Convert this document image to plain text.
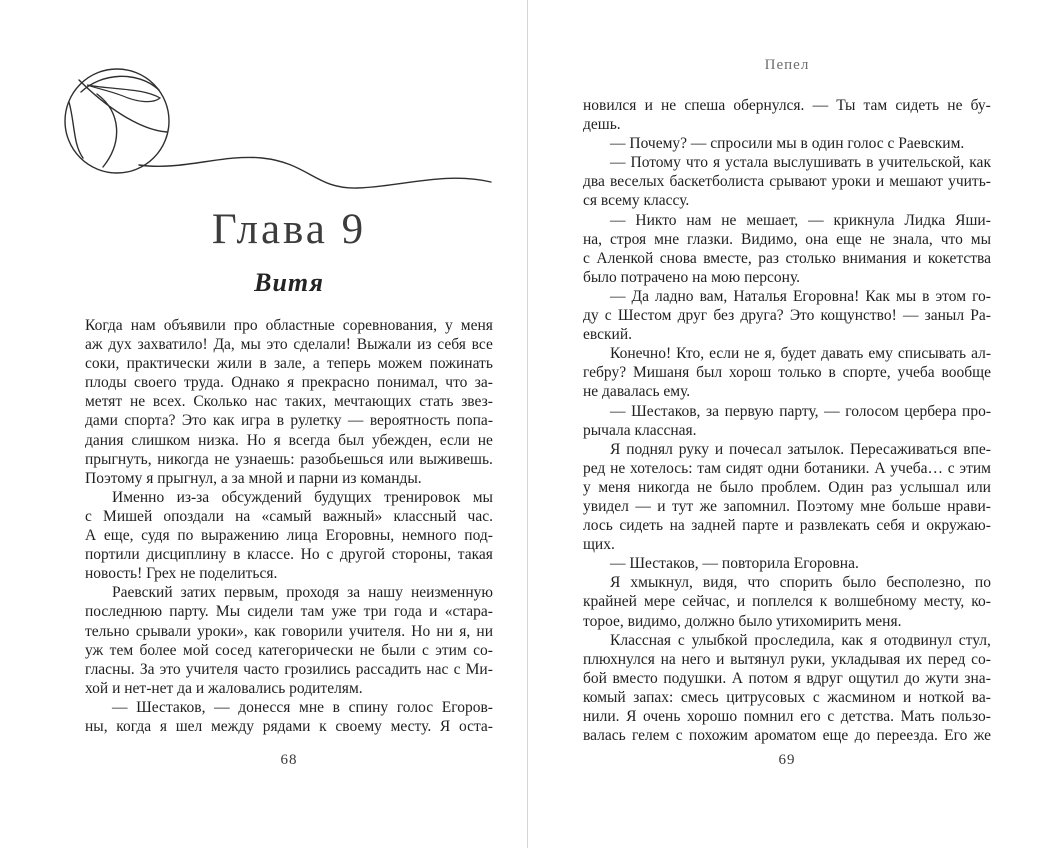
Глава 9
Витя
Когда нам объявили про областные соревнования, у меня
аж дух захватило! Да, мы это сделали! Выжали из себя все
соки, практически жили в зале, а теперь можем пожинать
плоды своего труда. Однако я прекрасно понимал, что за-
метят не всех. Сколько нас таких, мечтающих стать звез-
дами спорта? Это как игра в рулетку — вероятность попа-
дания слишком низка. Но я всегда был убежден, если не
прыгнуть, никогда не узнаешь: разобьешься или выживешь.
Поэтому я прыгнул, а за мной и парни из команды.
Именно из-за обсуждений будущих тренировок мы
с Мишей опоздали на «самый важный» классный час.
А еще, судя по выражению лица Егоровны, немного под-
портили дисциплину в классе. Но с другой стороны, такая
новость! Грех не поделиться.
Раевский затих первым, проходя за нашу неизменную
последнюю парту. Мы сидели там уже три года и «стара-
тельно срывали уроки», как говорили учителя. Но ни я, ни
уж тем более мой сосед категорически не были с этим со-
гласны. За это учителя часто грозились рассадить нас с Ми-
хой и нет-нет да и жаловались родителям.
— Шестаков, — донесся мне в спину голос Егоров-
ны, когда я шел между рядами к своему месту. Я оста-
68
Пепел
новился и не спеша обернулся. — Ты там сидеть не бу-
дешь.
— Почему? — спросили мы в один голос с Раевским.
— Потому что я устала выслушивать в учительской, как
два веселых баскетболиста срывают уроки и мешают учить-
ся всему классу.
— Никто нам не мешает, — крикнула Лидка Яши-
на, строя мне глазки. Видимо, она еще не знала, что мы
с Аленкой снова вместе, раз столько внимания и кокетства
было потрачено на мою персону.
— Да ладно вам, Наталья Егоровна! Как мы в этом го-
ду с Шестом друг без друга? Это кощунство! — заныл Ра-
евский.
Конечно! Кто, если не я, будет давать ему списывать ал-
гебру? Мишаня был хорош только в спорте, учеба вообще
не давалась ему.
— Шестаков, за первую парту, — голосом цербера про-
рычала классная.
Я поднял руку и почесал затылок. Пересаживаться впе-
ред не хотелось: там сидят одни ботаники. А учеба… с этим
у меня никогда не было проблем. Один раз услышал или
увидел — и тут же запомнил. Поэтому мне больше нрави-
лось сидеть на задней парте и развлекать себя и окружаю-
щих.
— Шестаков, — повторила Егоровна.
Я хмыкнул, видя, что спорить было бесполезно, по
крайней мере сейчас, и поплелся к волшебному месту, ко-
торое, видимо, должно было утихомирить меня.
Классная с улыбкой проследила, как я отодвинул стул,
плюхнулся на него и вытянул руки, укладывая их перед со-
бой вместо подушки. А потом я вдруг ощутил до жути зна-
комый запах: смесь цитрусовых с жасмином и ноткой ва-
нили. Я очень хорошо помнил его с детства. Мать пользо-
валась гелем с похожим ароматом еще до переезда. Его же
69
